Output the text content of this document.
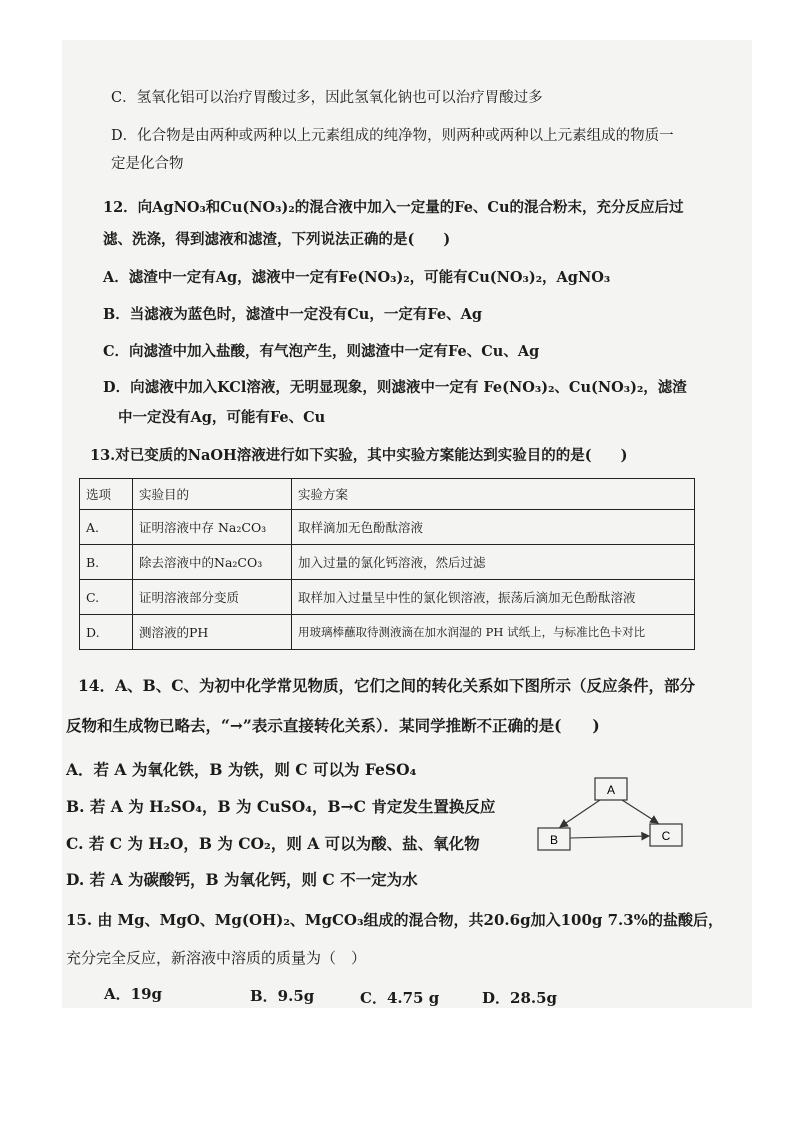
C．氢氧化铝可以治疗胃酸过多，因此氢氧化钠也可以治疗胃酸过多
D．化合物是由两种或两种以上元素组成的纯净物，则两种或两种以上元素组成的物质一
定是化合物
12．向AgNO₃和Cu(NO₃)₂的混合液中加入一定量的Fe、Cu的混合粉末，充分反应后过
滤、洗涤，得到滤液和滤渣，下列说法正确的是(　　)
A．滤渣中一定有Ag，滤液中一定有Fe(NO₃)₂，可能有Cu(NO₃)₂，AgNO₃
B．当滤液为蓝色时，滤渣中一定没有Cu，一定有Fe、Ag
C．向滤渣中加入盐酸，有气泡产生，则滤渣中一定有Fe、Cu、Ag
D．向滤液中加入KCl溶液，无明显现象，则滤液中一定有 Fe(NO₃)₂、Cu(NO₃)₂，滤渣
中一定没有Ag，可能有Fe、Cu
13.对已变质的NaOH溶液进行如下实验，其中实验方案能达到实验目的的是(　　)
选项	实验目的	实验方案
A.	证明溶液中存 Na₂CO₃	取样滴加无色酚酞溶液
B.	除去溶液中的Na₂CO₃	加入过量的氯化钙溶液，然后过滤
C.	证明溶液部分变质	取样加入过量呈中性的氯化钡溶液，振荡后滴加无色酚酞溶液
D.	测溶液的PH	用玻璃棒蘸取待测液滴在加水润湿的 PH 试纸上，与标准比色卡对比
14．A、B、C、为初中化学常见物质，它们之间的转化关系如下图所示（反应条件，部分
反物和生成物已略去，“→”表示直接转化关系）．某同学推断不正确的是(　　)
A．若 A 为氧化铁，B 为铁，则 C 可以为 FeSO₄
B. 若 A 为 H₂SO₄，B 为 CuSO₄，B→C 肯定发生置换反应
C. 若 C 为 H₂O，B 为 CO₂，则 A 可以为酸、盐、氧化物
D. 若 A 为碳酸钙，B 为氧化钙，则 C 不一定为水
A
B	C
15. 由 Mg、MgO、Mg(OH)₂、MgCO₃组成的混合物，共20.6g加入100g 7.3%的盐酸后，
充分完全反应，新溶液中溶质的质量为（　）
A．19g	B．9.5g	C．4.75 g	D．28.5g
